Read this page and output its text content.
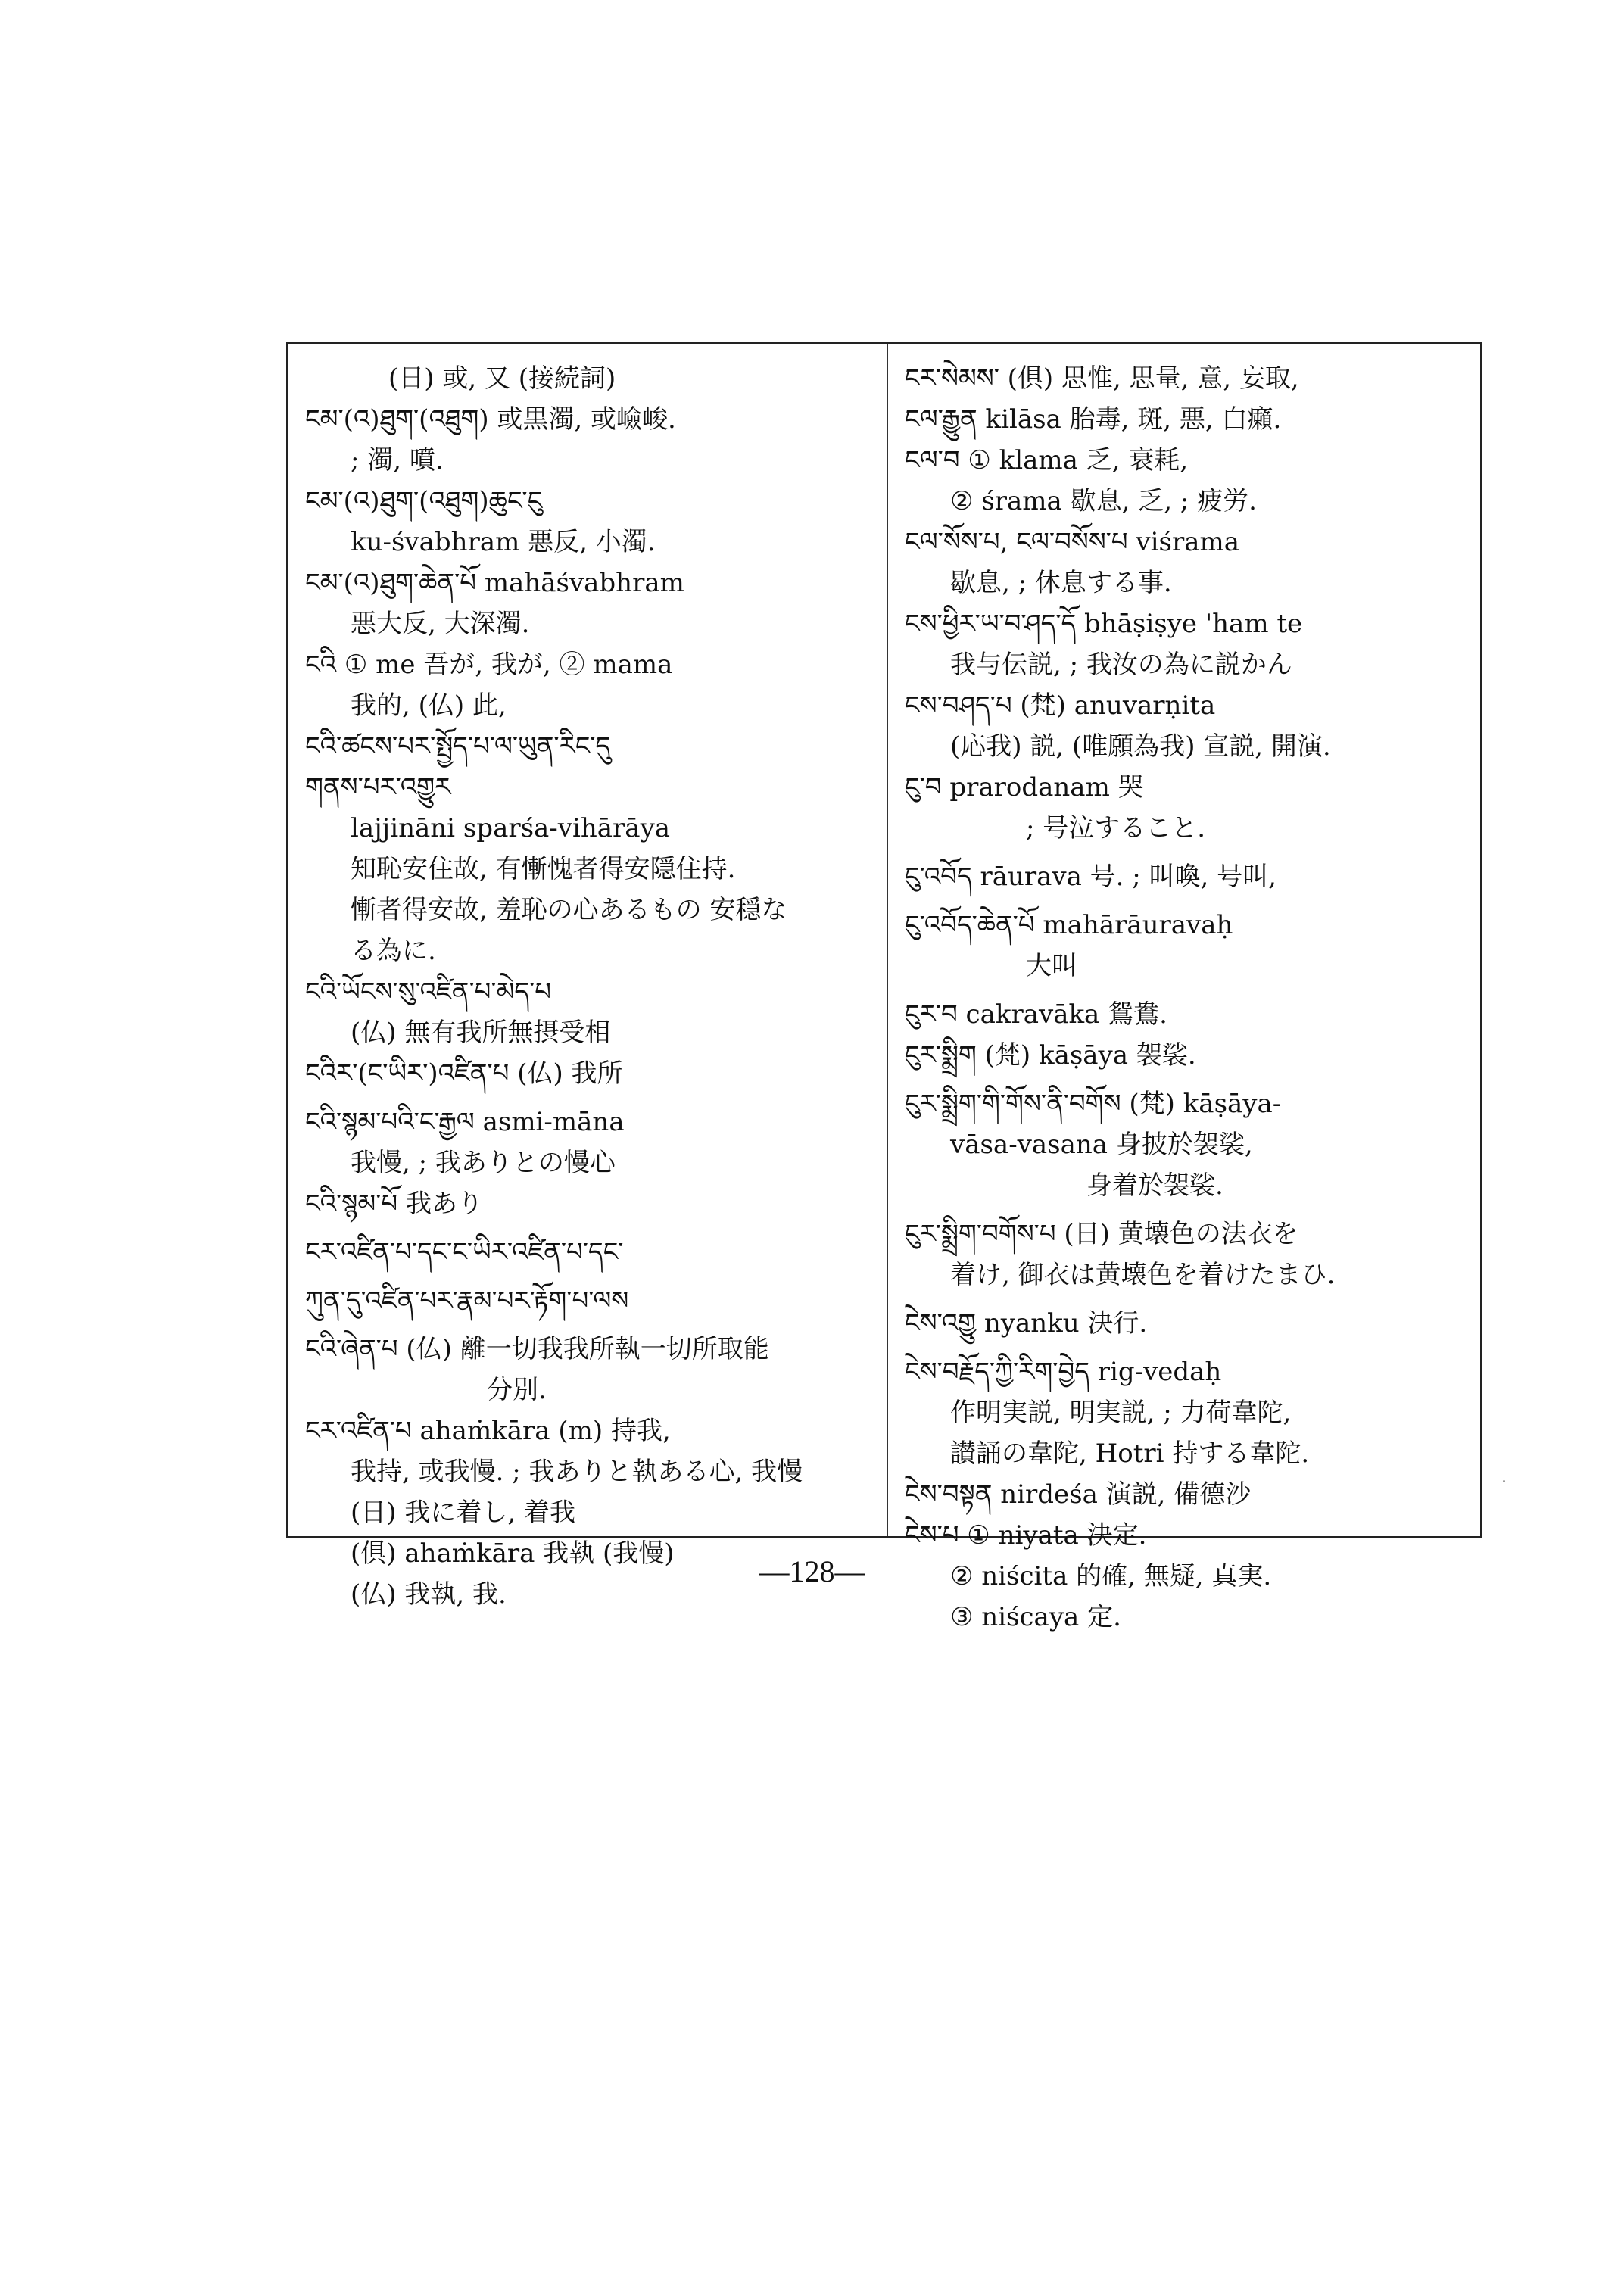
(日) 或, 又 (接続詞)
ངམ་(འ)ཐུག་(འཐུག) 或黒濁, 或嶮峻.
; 濁, 噴.
ངམ་(འ)ཐུག་(འཐུག)ཆུང་ངུ
ku-śvabhram 悪反, 小濁.
ངམ་(འ)ཐུག་ཆེན་པོ mahāśvabhram
悪大反, 大深濁.
ངའི ① me 吾が, 我が, ② mama
我的, (仏) 此,
ངའི་ཚངས་པར་སྤྱོད་པ་ལ་ཡུན་རིང་དུ
གནས་པར་འགྱུར
lajjināni sparśa-vihārāya
知恥安住故, 有慚愧者得安隠住持.
慚者得安故, 羞恥の心あるもの 安穏な
る為に.
ངའི་ཡོངས་སུ་འཛིན་པ་མེད་པ
(仏) 無有我所無摂受相
ངའིར་(ང་ཡིར་)འཛིན་པ (仏) 我所
ངའི་སྙམ་པའི་ང་རྒྱལ asmi-māna
我慢, ; 我ありとの慢心
ངའི་སྙམ་པོ 我あり
ངར་འཛིན་པ་དང་ང་ཡིར་འཛིན་པ་དང་
ཀུན་དུ་འཛིན་པར་རྣམ་པར་རྟོག་པ་ལས
ངའི་ཞེན་པ (仏) 離一切我我所執一切所取能
分別.
ངར་འཛིན་པ ahaṁkāra (m) 持我,
我持, 或我慢. ; 我ありと執ある心, 我慢
(日) 我に着し, 着我
(俱) ahaṁkāra 我執 (我慢)
(仏) 我執, 我.
ངར་སེམས་ (俱) 思惟, 思量, 意, 妄取,
ངལ་རྒྱུན kilāsa 胎毒, 斑, 悪, 白癩.
ངལ་བ ① klama 乏, 衰耗,
② śrama 歇息, 乏, ; 疲労.
ངལ་སོས་པ, ངལ་བསོས་པ viśrama
歇息, ; 休息する事.
ངས་ཕྱིར་ཡ་བ་ཤད་དོ bhāṣiṣye 'ham te
我与伝説, ; 我汝の為に説かん
ངས་བཤད་པ (梵) anuvarṇita
(応我) 説, (唯願為我) 宣説, 開演.
ངུ་བ prarodanam 哭
; 号泣すること.
ངུ་འབོད rāurava 号. ; 叫喚, 号叫,
ངུ་འབོད་ཆེན་པོ mahārāuravaḥ
大叫
ངུར་བ cakravāka 鴛鴦.
ངུར་སྨྲིག (梵) kāṣāya 袈裟.
ངུར་སྨྲིག་གི་གོས་ནི་བགོས (梵) kāṣāya-
vāsa-vasana 身披於袈裟,
身着於袈裟.
ངུར་སྨྲིག་བགོས་པ (日) 黄壊色の法衣を
着け, 御衣は黄壊色を着けたまひ.
ངེས་འགྱུ nyanku 決行.
ངེས་བརྗོད་ཀྱི་རིག་བྱེད rig-vedaḥ
作明実説, 明実説, ; 力荷韋陀,
讃誦の韋陀, Hotri 持する韋陀.
ངེས་བསྟན nirdeśa 演説, 備德沙
ངེས་པ ① niyata 決定.
② niścita 的確, 無疑, 真実.
③ niścaya 定.
—128—
